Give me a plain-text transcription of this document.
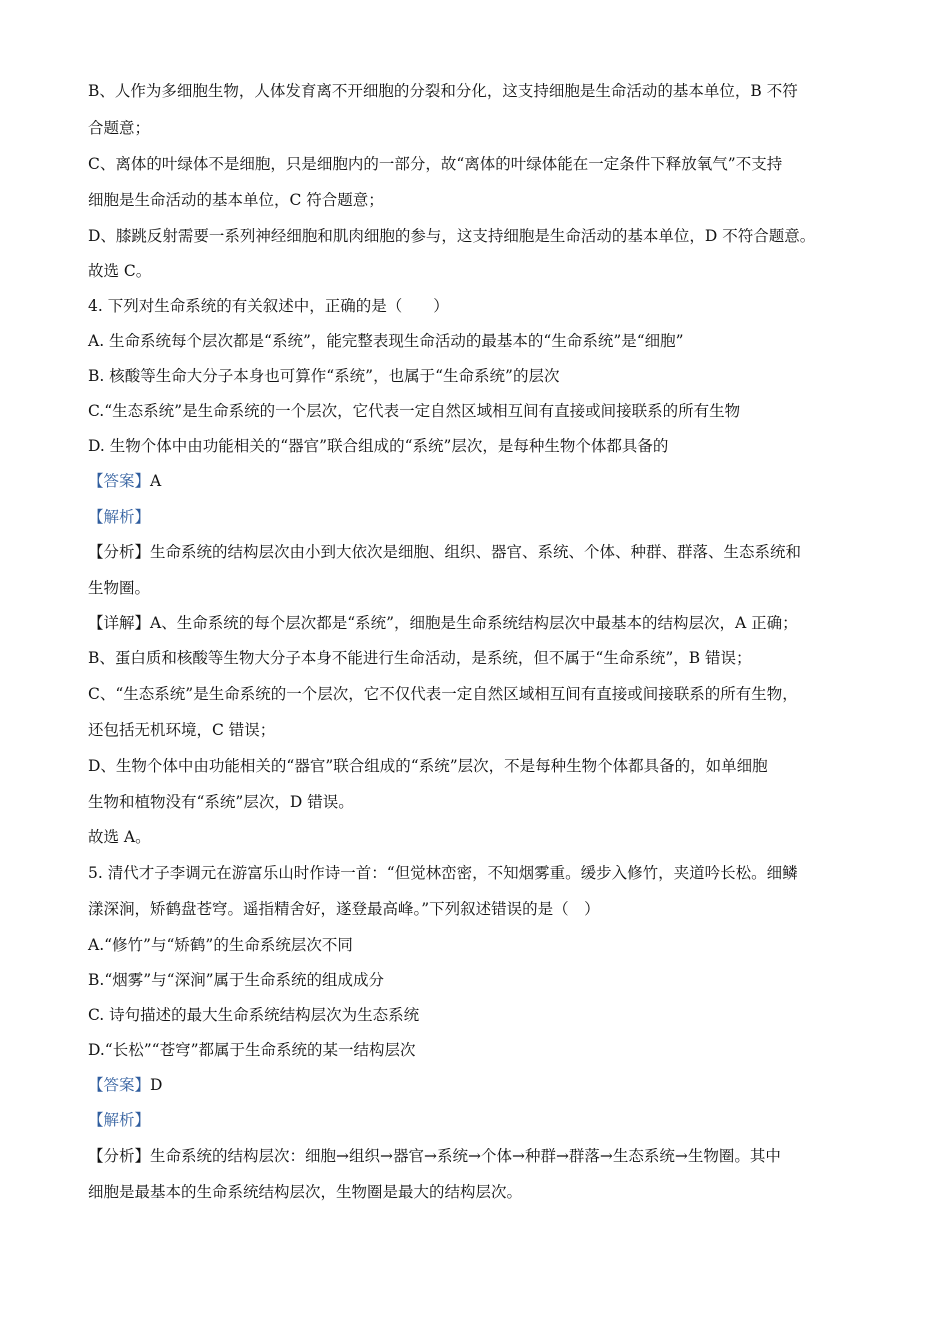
B、人作为多细胞生物，人体发育离不开细胞的分裂和分化，这支持细胞是生命活动的基本单位，B 不符
合题意；
C、离体的叶绿体不是细胞，只是细胞内的一部分，故“离体的叶绿体能在一定条件下释放氧气”不支持
细胞是生命活动的基本单位，C 符合题意；
D、膝跳反射需要一系列神经细胞和肌肉细胞的参与，这支持细胞是生命活动的基本单位，D 不符合题意。
故选 C。
4. 下列对生命系统的有关叙述中，正确的是（　　）
A. 生命系统每个层次都是“系统”，能完整表现生命活动的最基本的“生命系统”是“细胞”
B. 核酸等生命大分子本身也可算作“系统”，也属于“生命系统”的层次
C.“生态系统”是生命系统的一个层次，它代表一定自然区域相互间有直接或间接联系的所有生物
D. 生物个体中由功能相关的“器官”联合组成的“系统”层次，是每种生物个体都具备的
【答案】A
【解析】
【分析】生命系统的结构层次由小到大依次是细胞、组织、器官、系统、个体、种群、群落、生态系统和
生物圈。
【详解】A、生命系统的每个层次都是“系统”，细胞是生命系统结构层次中最基本的结构层次，A 正确；
B、蛋白质和核酸等生物大分子本身不能进行生命活动，是系统，但不属于“生命系统”，B 错误；
C、“生态系统”是生命系统的一个层次，它不仅代表一定自然区域相互间有直接或间接联系的所有生物，
还包括无机环境，C 错误；
D、生物个体中由功能相关的“器官”联合组成的“系统”层次，不是每种生物个体都具备的，如单细胞
生物和植物没有“系统”层次，D 错误。
故选 A。
5. 清代才子李调元在游富乐山时作诗一首：“但觉林峦密，不知烟雾重。缓步入修竹，夹道吟长松。细鳞
漾深涧，矫鹤盘苍穹。遥指精舍好，遂登最高峰。”下列叙述错误的是（　）
A.“修竹”与“矫鹤”的生命系统层次不同
B.“烟雾”与“深涧”属于生命系统的组成成分
C. 诗句描述的最大生命系统结构层次为生态系统
D.“长松”“苍穹”都属于生命系统的某一结构层次
【答案】D
【解析】
【分析】生命系统的结构层次：细胞→组织→器官→系统→个体→种群→群落→生态系统→生物圈。其中
细胞是最基本的生命系统结构层次，生物圈是最大的结构层次。
